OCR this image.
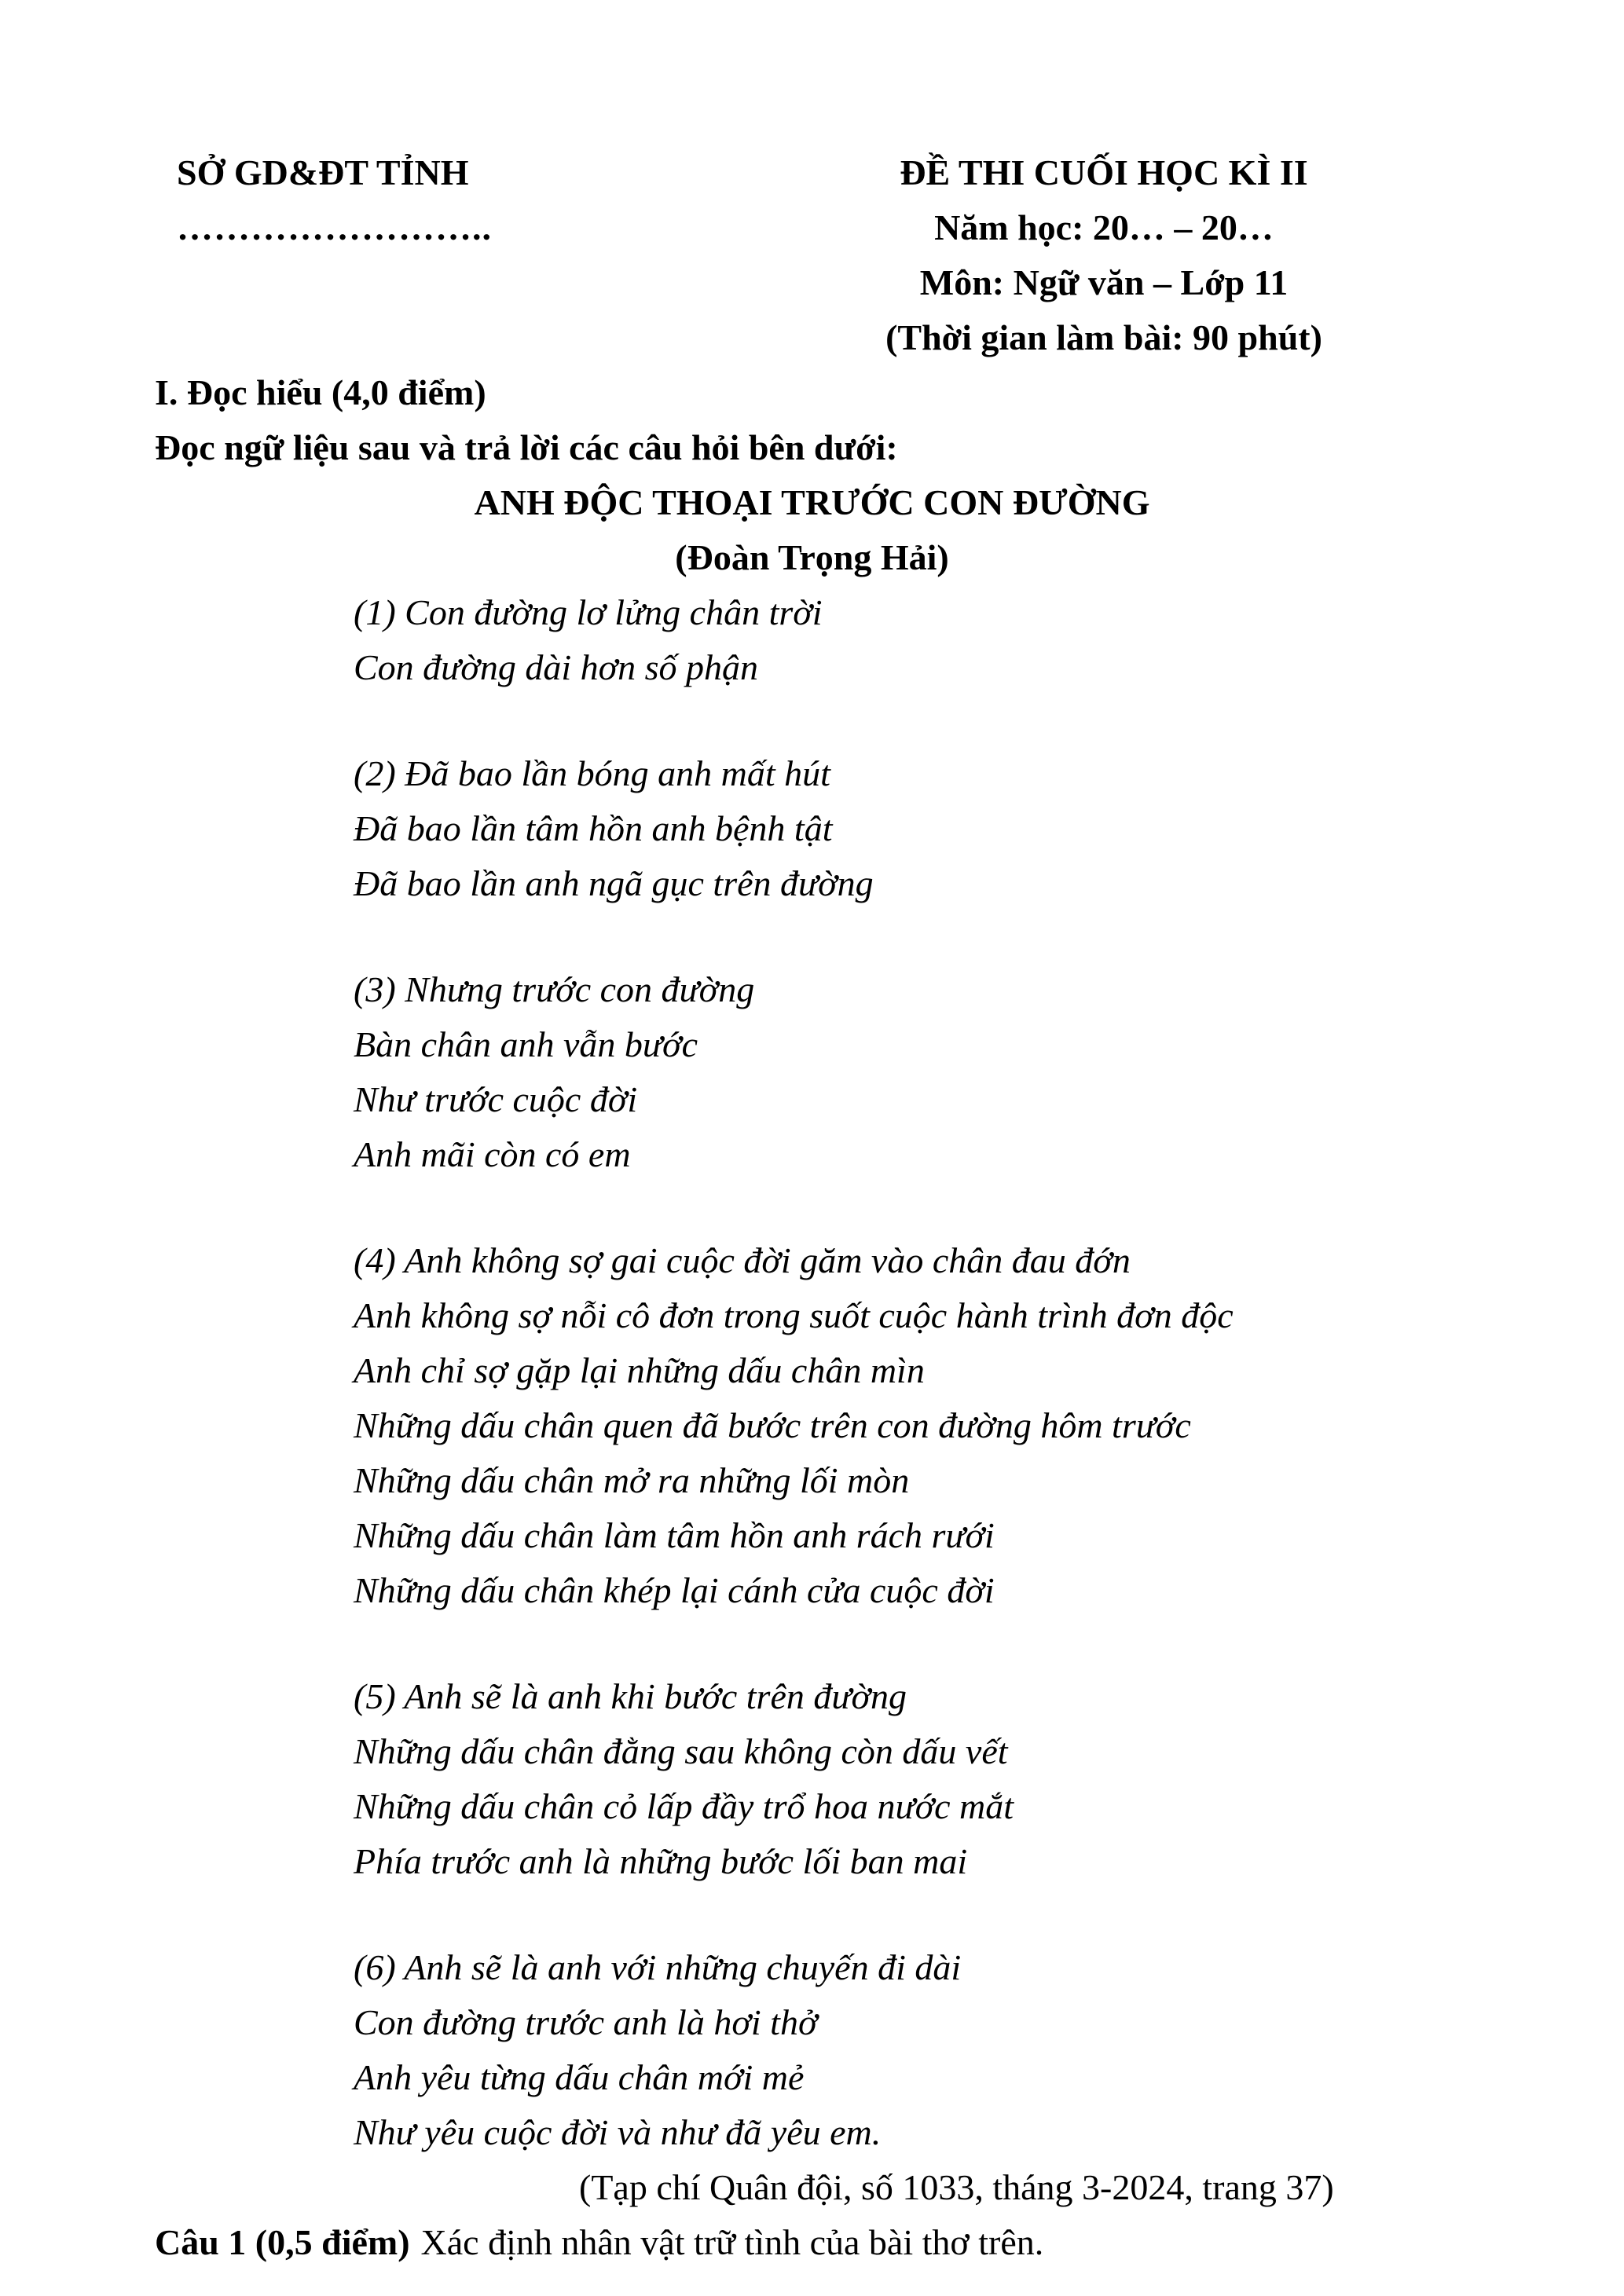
SỞ GD&ĐT TỈNH
……………………..
ĐỀ THI CUỐI HỌC KÌ II
Năm học: 20… – 20…
Môn: Ngữ văn – Lớp 11
(Thời gian làm bài: 90 phút)
I. Đọc hiểu (4,0 điểm)
Đọc ngữ liệu sau và trả lời các câu hỏi bên dưới:
ANH ĐỘC THOẠI TRƯỚC CON ĐƯỜNG
(Đoàn Trọng Hải)
(1) Con đường lơ lửng chân trời
Con đường dài hơn số phận
(2) Đã bao lần bóng anh mất hút
Đã bao lần tâm hồn anh bệnh tật
Đã bao lần anh ngã gục trên đường
(3) Nhưng trước con đường
Bàn chân anh vẫn bước
Như trước cuộc đời
Anh mãi còn có em
(4) Anh không sợ gai cuộc đời găm vào chân đau đớn
Anh không sợ nỗi cô đơn trong suốt cuộc hành trình đơn độc
Anh chỉ sợ gặp lại những dấu chân mìn
Những dấu chân quen đã bước trên con đường hôm trước
Những dấu chân mở ra những lối mòn
Những dấu chân làm tâm hồn anh rách rưới
Những dấu chân khép lại cánh cửa cuộc đời
(5) Anh sẽ là anh khi bước trên đường
Những dấu chân đằng sau không còn dấu vết
Những dấu chân cỏ lấp đầy trổ hoa nước mắt
Phía trước anh là những bước lối ban mai
(6) Anh sẽ là anh với những chuyến đi dài
Con đường trước anh là hơi thở
Anh yêu từng dấu chân mới mẻ
Như yêu cuộc đời và như đã yêu em.
(Tạp chí Quân đội, số 1033, tháng 3-2024, trang 37)
Câu 1 (0,5 điểm) Xác định nhân vật trữ tình của bài thơ trên.
